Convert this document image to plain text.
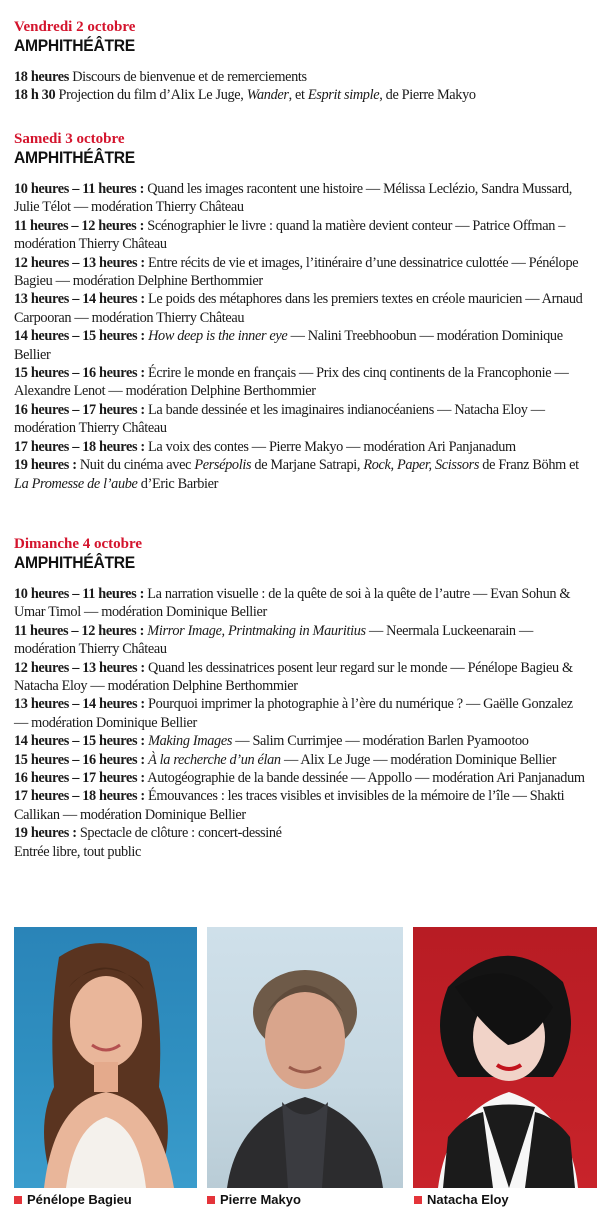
Vendredi 2 octobre
AMPHITHÉÂTRE

18 heures Discours de bienvenue et de remerciements

18 h 30 Projection du film d’Alix Le Juge, Wander, et Esprit simple, de Pierre Makyo

Samedi 3 octobre
AMPHITHÉÂTRE

10 heures – 11 heures : Quand les images racontent une histoire — Mélissa Leclézio, Sandra Mussard, Julie Télot — modération Thierry Château

11 heures – 12 heures : Scénographier le livre : quand la matière devient conteur — Patrice Offman – modération Thierry Château

12 heures – 13 heures : Entre récits de vie et images, l’itinéraire d’une dessinatrice culottée — Pénélope Bagieu — modération Delphine Berthommier

13 heures – 14 heures : Le poids des métaphores dans les premiers textes en créole mauricien — Arnaud Carpooran — modération Thierry Château

14 heures – 15 heures : How deep is the inner eye — Nalini Treebhoobun — modération Dominique Bellier

15 heures – 16 heures : Écrire le monde en français — Prix des cinq continents de la Francophonie — Alexandre Lenot — modération Delphine Berthommier

16 heures – 17 heures : La bande dessinée et les imaginaires indianocéaniens — Natacha Eloy — modération Thierry Château

17 heures – 18 heures : La voix des contes — Pierre Makyo — modération Ari Panjanadum

19 heures : Nuit du cinéma avec Persépolis de Marjane Satrapi, Rock, Paper, Scissors de Franz Böhm et La Promesse de l’aube d’Eric Barbier

Dimanche 4 octobre
AMPHITHÉÂTRE

10 heures – 11 heures : La narration visuelle : de la quête de soi à la quête de l’autre — Evan Sohun & Umar Timol — modération Dominique Bellier

11 heures – 12 heures : Mirror Image, Printmaking in Mauritius — Neermala Luckeenarain — modération Thierry Château

12 heures – 13 heures : Quand les dessinatrices posent leur regard sur le monde — Pénélope Bagieu & Natacha Eloy — modération Delphine Berthommier

13 heures – 14 heures : Pourquoi imprimer la photographie à l’ère du numérique ? — Gaëlle Gonzalez — modération Dominique Bellier

14 heures – 15 heures : Making Images — Salim Currimjee — modération Barlen Pyamootoo

15 heures – 16 heures : À la recherche d’un élan — Alix Le Juge — modération Dominique Bellier

16 heures – 17 heures : Autogéographie de la bande dessinée — Appollo — modération Ari Panjanadum

17 heures – 18 heures : Émouvances : les traces visibles et invisibles de la mémoire de l’île — Shakti Callikan — modération Dominique Bellier

19 heures : Spectacle de clôture : concert-dessiné

Entrée libre, tout public
Pénélope Bagieu	Pierre Makyo	Natacha Eloy
